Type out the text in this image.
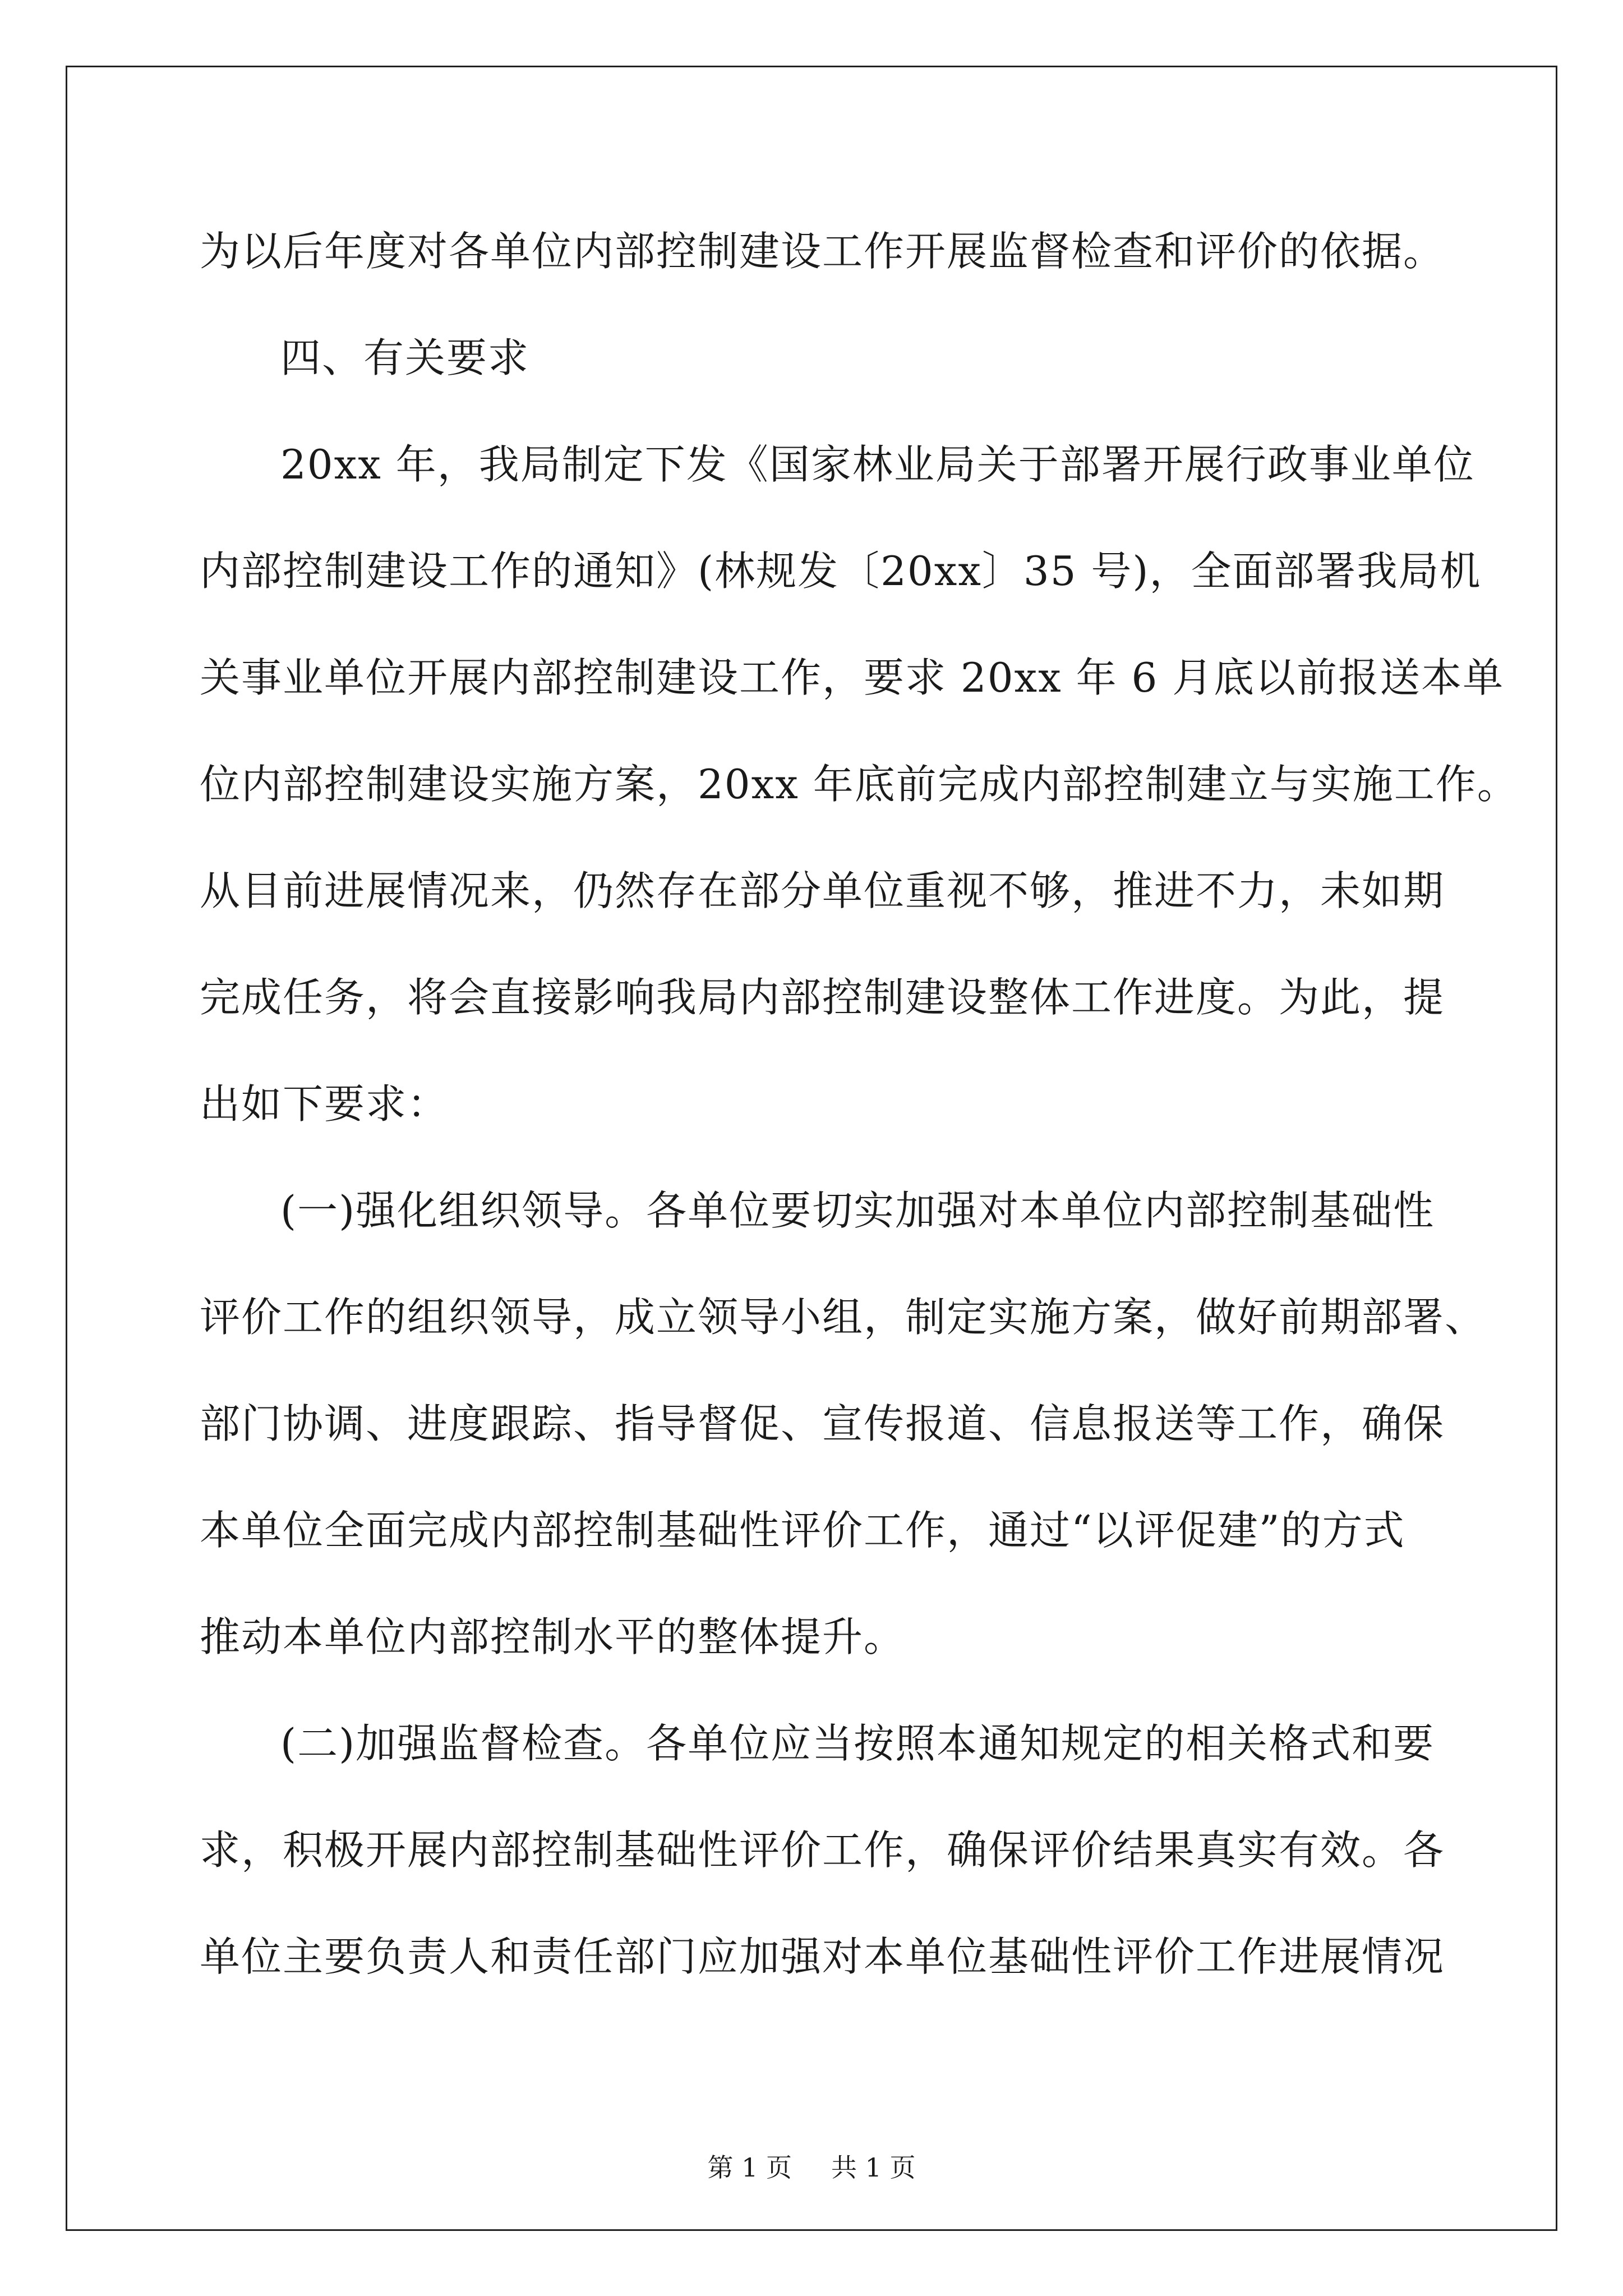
为以后年度对各单位内部控制建设工作开展监督检查和评价的依据。
四、有关要求
20xx 年，我局制定下发《国家林业局关于部署开展行政事业单位
内部控制建设工作的通知》(林规发〔20xx〕35 号)，全面部署我局机
关事业单位开展内部控制建设工作，要求 20xx 年 6 月底以前报送本单
位内部控制建设实施方案，20xx 年底前完成内部控制建立与实施工作。
从目前进展情况来，仍然存在部分单位重视不够，推进不力，未如期
完成任务，将会直接影响我局内部控制建设整体工作进度。为此，提
出如下要求：
(一)强化组织领导。各单位要切实加强对本单位内部控制基础性
评价工作的组织领导，成立领导小组，制定实施方案，做好前期部署、
部门协调、进度跟踪、指导督促、宣传报道、信息报送等工作，确保
本单位全面完成内部控制基础性评价工作，通过“以评促建”的方式
推动本单位内部控制水平的整体提升。
(二)加强监督检查。各单位应当按照本通知规定的相关格式和要
求，积极开展内部控制基础性评价工作，确保评价结果真实有效。各
单位主要负责人和责任部门应加强对本单位基础性评价工作进展情况
第 1 页 共 1 页
